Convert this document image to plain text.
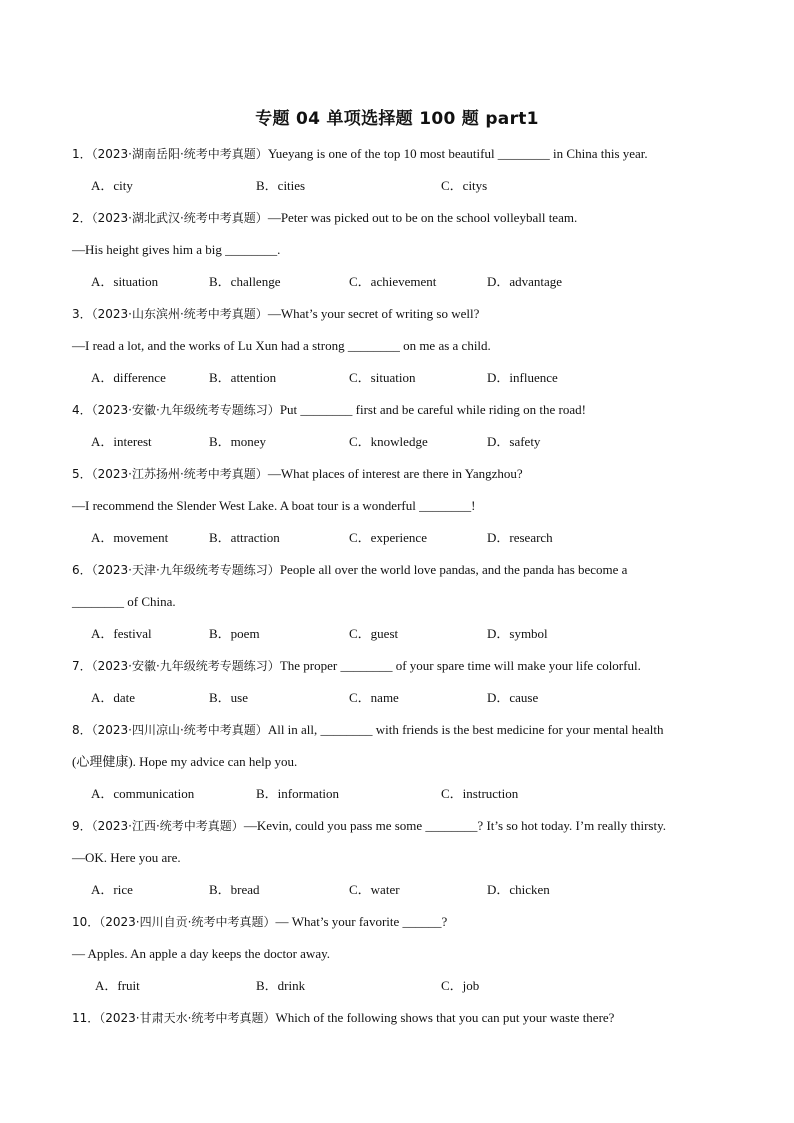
专题 04 单项选择题 100 题 part1
1．（2023·湖南岳阳·统考中考真题）Yueyang is one of the top 10 most beautiful ________ in China this year.
A．city	B．cities	C．citys
2．（2023·湖北武汉·统考中考真题）—Peter was picked out to be on the school volleyball team.
—His height gives him a big ________.
A．situation	B．challenge	C．achievement	D．advantage
3．（2023·山东滨州·统考中考真题）—What’s your secret of writing so well?
—I read a lot, and the works of Lu Xun had a strong ________ on me as a child.
A．difference	B．attention	C．situation	D．influence
4．（2023·安徽·九年级统考专题练习）Put ________ first and be careful while riding on the road!
A．interest	B．money	C．knowledge	D．safety
5．（2023·江苏扬州·统考中考真题）—What places of interest are there in Yangzhou?
—I recommend the Slender West Lake. A boat tour is a wonderful ________!
A．movement	B．attraction	C．experience	D．research
6．（2023·天津·九年级统考专题练习）People all over the world love pandas, and the panda has become a
________ of China.
A．festival	B．poem	C．guest	D．symbol
7．（2023·安徽·九年级统考专题练习）The proper ________ of your spare time will make your life colorful.
A．date	B．use	C．name	D．cause
8．（2023·四川凉山·统考中考真题）All in all, ________ with friends is the best medicine for your mental health
(心理健康). Hope my advice can help you.
A．communication	B．information	C．instruction
9．（2023·江西·统考中考真题）—Kevin, could you pass me some ________? It’s so hot today. I’m really thirsty.
—OK. Here you are.
A．rice	B．bread	C．water	D．chicken
10．（2023·四川自贡·统考中考真题）— What’s your favorite ______?
— Apples. An apple a day keeps the doctor away.
A．fruit	B．drink	C．job
11．（2023·甘肃天水·统考中考真题）Which of the following shows that you can put your waste there?
